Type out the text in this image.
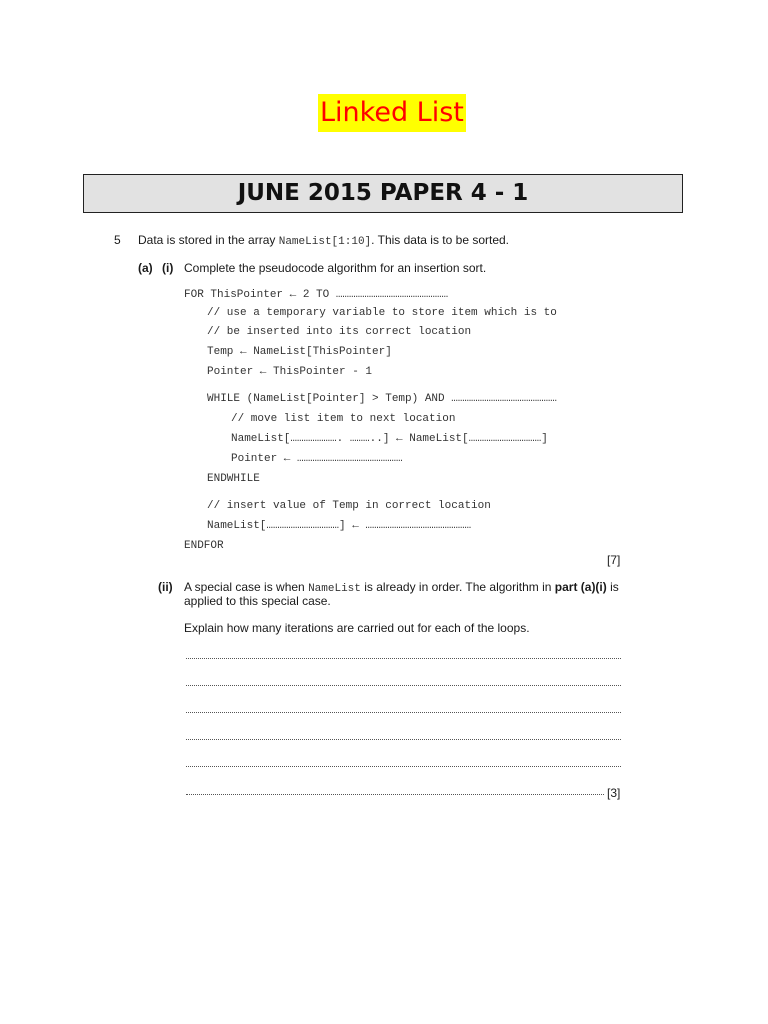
Linked List
JUNE 2015 PAPER 4 - 1
5 Data is stored in the array NameList[1:10]. This data is to be sorted.
(a) (i) Complete the pseudocode algorithm for an insertion sort.
FOR ThisPointer ← 2 TO ……………………………………………
// use a temporary variable to store item which is to
// be inserted into its correct location
Temp ← NameList[ThisPointer]
Pointer ← ThisPointer - 1
WHILE (NameList[Pointer] > Temp) AND …………………………………………
// move list item to next location
NameList[…………………. ………..] ← NameList[……………………………]
Pointer ← …………………………………………
ENDWHILE
// insert value of Temp in correct location
NameList[……………………………] ← …………………………………………
ENDFOR
[7]
(ii) A special case is when NameList is already in order. The algorithm in part (a)(i) is
applied to this special case.
Explain how many iterations are carried out for each of the loops.
[3]
